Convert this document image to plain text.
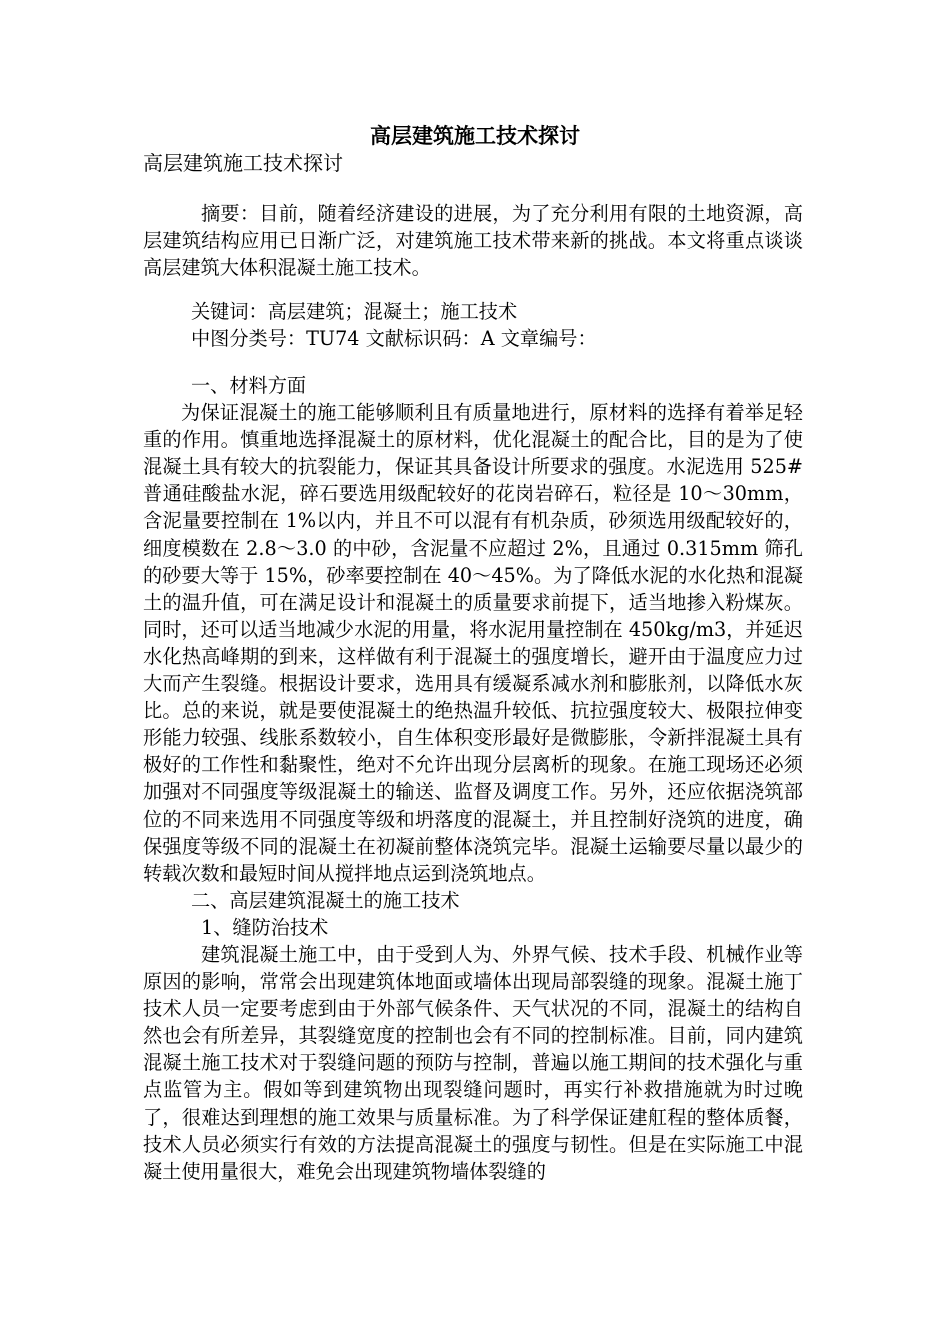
高层建筑施工技术探讨
高层建筑施工技术探讨

摘要：目前，随着经济建设的进展，为了充分利用有限的土地资源，高层建筑结构应用已日渐广泛，对建筑施工技术带来新的挑战。本文将重点谈谈高层建筑大体积混凝土施工技术。

关键词：高层建筑；混凝土；施工技术

中图分类号：TU74 文献标识码：A 文章编号：

一、材料方面

为保证混凝土的施工能够顺利且有质量地进行，原材料的选择有着举足轻重的作用。慎重地选择混凝土的原材料，优化混凝土的配合比，目的是为了使混凝土具有较大的抗裂能力，保证其具备设计所要求的强度。水泥选用 525#普通硅酸盐水泥，碎石要选用级配较好的花岗岩碎石，粒径是 10～30mm，含泥量要控制在 1%以内，并且不可以混有有机杂质，砂须选用级配较好的，细度模数在 2.8～3.0 的中砂，含泥量不应超过 2%，且通过 0.315mm 筛孔的砂要大等于 15%，砂率要控制在 40～45%。为了降低水泥的水化热和混凝土的温升值，可在满足设计和混凝土的质量要求前提下，适当地掺入粉煤灰。同时，还可以适当地减少水泥的用量，将水泥用量控制在 450kg/m3，并延迟水化热高峰期的到来，这样做有利于混凝土的强度增长，避开由于温度应力过大而产生裂缝。根据设计要求，选用具有缓凝系减水剂和膨胀剂，以降低水灰比。总的来说，就是要使混凝土的绝热温升较低、抗拉强度较大、极限拉伸变形能力较强、线胀系数较小，自生体积变形最好是微膨胀，令新拌混凝土具有极好的工作性和黏聚性，绝对不允许出现分层离析的现象。在施工现场还必须加强对不同强度等级混凝土的输送、监督及调度工作。另外，还应依据浇筑部位的不同来选用不同强度等级和坍落度的混凝土，并且控制好浇筑的进度，确保强度等级不同的混凝土在初凝前整体浇筑完毕。混凝土运输要尽量以最少的转载次数和最短时间从搅拌地点运到浇筑地点。

二、高层建筑混凝土的施工技术

1、缝防治技术

建筑混凝土施工中，由于受到人为、外界气候、技术手段、机械作业等原因的影响，常常会出现建筑体地面或墙体出现局部裂缝的现象。混凝土施丁技术人员一定要考虑到由于外部气候条件、天气状况的不同，混凝土的结构自然也会有所差异，其裂缝宽度的控制也会有不同的控制标准。目前，同内建筑混凝土施工技术对于裂缝问题的预防与控制，普遍以施工期间的技术强化与重点监管为主。假如等到建筑物出现裂缝问题时，再实行补救措施就为时过晚了，很难达到理想的施工效果与质量标准。为了科学保证建舡程的整体质餐，技术人员必须实行有效的方法提高混凝土的强度与韧性。但是在实际施工中混凝土使用量很大，难免会出现建筑物墙体裂缝的
